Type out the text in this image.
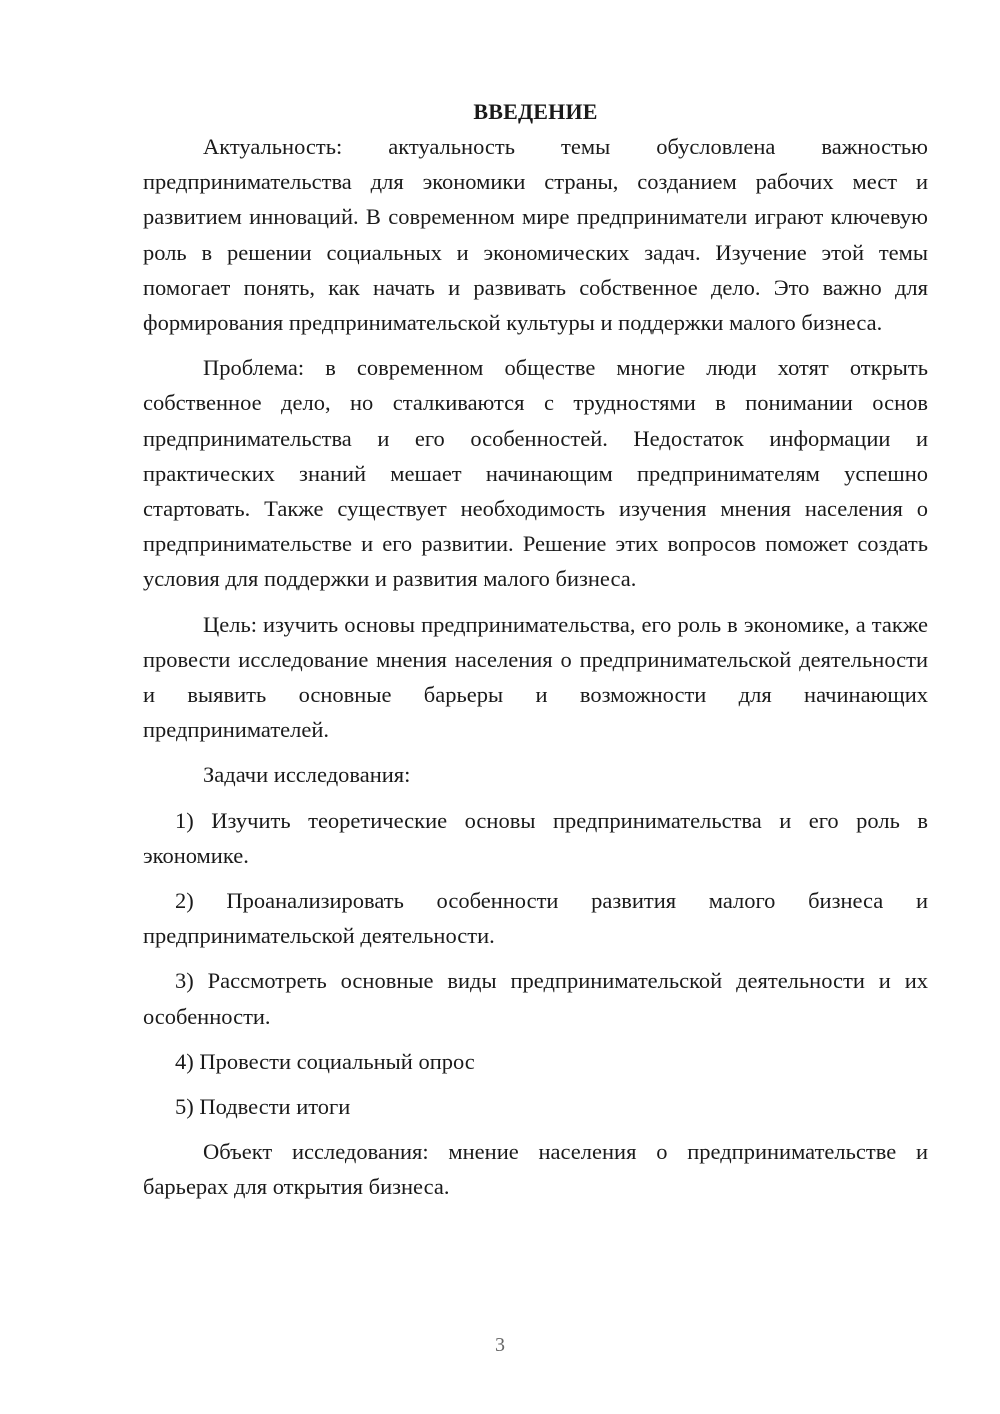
ВВЕДЕНИЕ

Актуальность: актуальность темы обусловлена важностью предпринимательства для экономики страны, созданием рабочих мест и развитием инноваций. В современном мире предприниматели играют ключевую роль в решении социальных и экономических задач. Изучение этой темы помогает понять, как начать и развивать собственное дело. Это важно для формирования предпринимательской культуры и поддержки малого бизнеса.

Проблема: в современном обществе многие люди хотят открыть собственное дело, но сталкиваются с трудностями в понимании основ предпринимательства и его особенностей. Недостаток информации и практических знаний мешает начинающим предпринимателям успешно стартовать. Также существует необходимость изучения мнения населения о предпринимательстве и его развитии. Решение этих вопросов поможет создать условия для поддержки и развития малого бизнеса.

Цель: изучить основы предпринимательства, его роль в экономике, а также провести исследование мнения населения о предпринимательской деятельности и выявить основные барьеры и возможности для начинающих предпринимателей.

Задачи исследования:

1) Изучить теоретические основы предпринимательства и его роль в экономике.

2) Проанализировать особенности развития малого бизнеса и предпринимательской деятельности.

3) Рассмотреть основные виды предпринимательской деятельности и их особенности.

4) Провести социальный опрос

5) Подвести итоги

Объект исследования: мнение населения о предпринимательстве и барьерах для открытия бизнеса.

3
